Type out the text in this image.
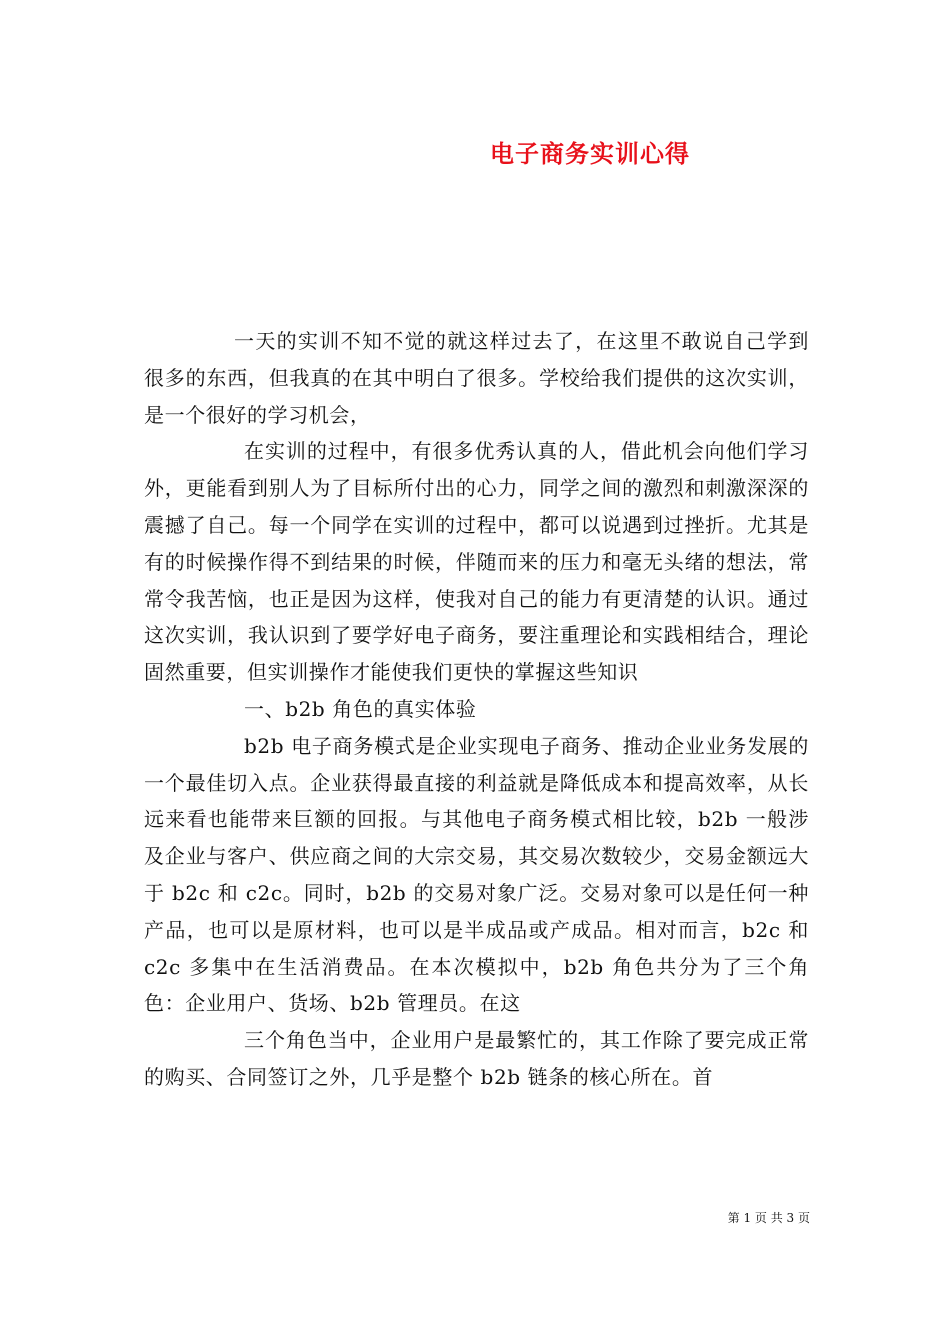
电子商务实训心得

一天的实训不知不觉的就这样过去了，在这里不敢说自己学到很多的东西，但我真的在其中明白了很多。学校给我们提供的这次实训，是一个很好的学习机会，

在实训的过程中，有很多优秀认真的人，借此机会向他们学习外，更能看到别人为了目标所付出的心力，同学之间的激烈和刺激深深的震撼了自己。每一个同学在实训的过程中，都可以说遇到过挫折。尤其是有的时候操作得不到结果的时候，伴随而来的压力和毫无头绪的想法，常常令我苦恼，也正是因为这样，使我对自己的能力有更清楚的认识。通过这次实训，我认识到了要学好电子商务，要注重理论和实践相结合，理论固然重要，但实训操作才能使我们更快的掌握这些知识

一、b2b 角色的真实体验

b2b 电子商务模式是企业实现电子商务、推动企业业务发展的一个最佳切入点。企业获得最直接的利益就是降低成本和提高效率，从长远来看也能带来巨额的回报。与其他电子商务模式相比较，b2b 一般涉及企业与客户、供应商之间的大宗交易，其交易次数较少，交易金额远大于 b2c 和 c2c。同时，b2b 的交易对象广泛。交易对象可以是任何一种产品，也可以是原材料，也可以是半成品或产成品。相对而言，b2c 和 c2c 多集中在生活消费品。在本次模拟中，b2b 角色共分为了三个角色：企业用户、货场、b2b 管理员。在这

三个角色当中，企业用户是最繁忙的，其工作除了要完成正常的购买、合同签订之外，几乎是整个 b2b 链条的核心所在。首

第 1 页 共 3 页
